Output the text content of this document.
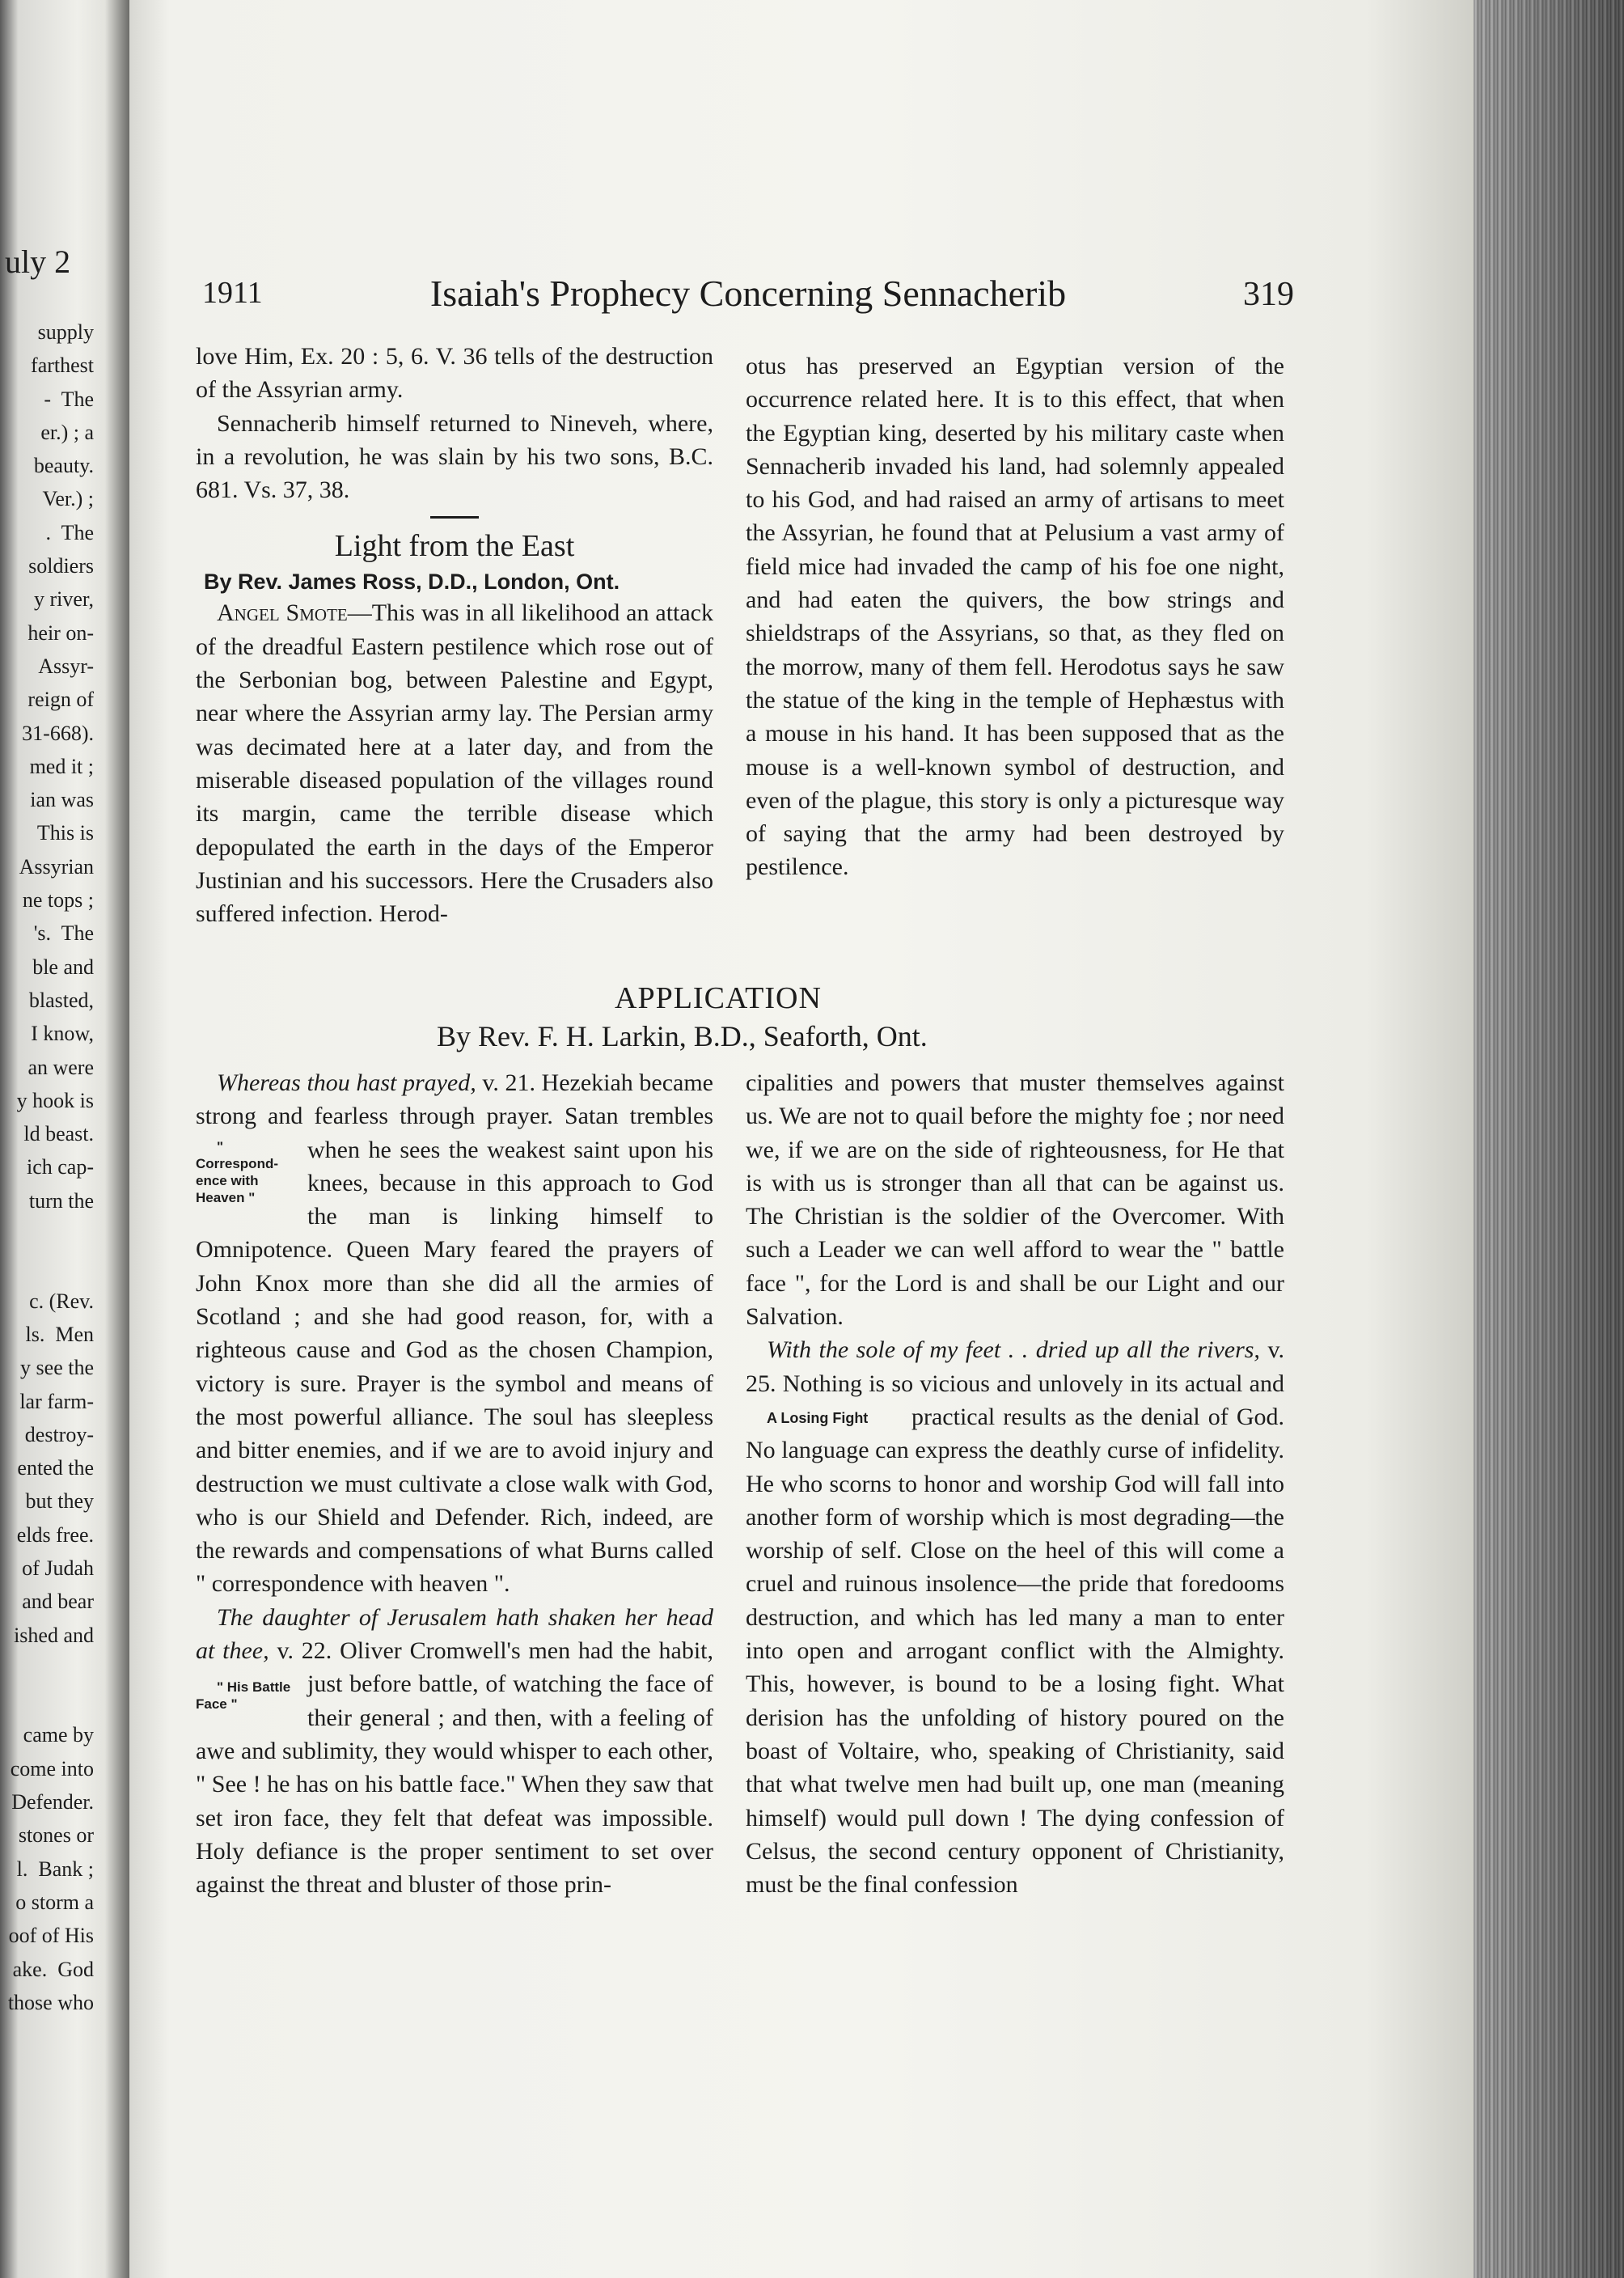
uly 2
supply
farthest
-  The
er.) ; a
beauty.
Ver.) ;
.  The
soldiers
y river,
heir on-
Assyr-
reign of
31-668).
med it ;
ian was
This is
Assyrian
ne tops ;
's.  The
ble and
blasted,
I know,
an were
y hook is
ld beast.
ich cap-
turn the

c. (Rev.
ls.  Men
y see the
lar farm-
destroy-
ented the
but they
elds free.
of Judah
and bear
ished and

came by
come into
Defender.
stones or
l.  Bank ;
o storm a
oof of His
ake.  God
those who
1911	Isaiah's Prophecy Concerning Sennacherib	319

love Him, Ex. 20 : 5, 6. V. 36 tells of the destruction of the Assyrian army.

Sennacherib himself returned to Nineveh, where, in a revolution, he was slain by his two sons, B.C. 681. Vs. 37, 38.

Light from the East
By Rev. James Ross, D.D., London, Ont.

Angel Smote—This was in all likelihood an attack of the dreadful Eastern pestilence which rose out of the Serbonian bog, between Palestine and Egypt, near where the Assyrian army lay. The Persian army was decimated here at a later day, and from the miserable diseased population of the villages round its margin, came the terrible disease which depopulated the earth in the days of the Emperor Justinian and his successors. Here the Crusaders also suffered infection. Herod-

otus has preserved an Egyptian version of the occurrence related here. It is to this effect, that when the Egyptian king, deserted by his military caste when Sennacherib invaded his land, had solemnly appealed to his God, and had raised an army of artisans to meet the Assyrian, he found that at Pelusium a vast army of field mice had invaded the camp of his foe one night, and had eaten the quivers, the bow strings and shieldstraps of the Assyrians, so that, as they fled on the morrow, many of them fell. Herodotus says he saw the statue of the king in the temple of Hephæstus with a mouse in his hand. It has been supposed that as the mouse is a well-known symbol of destruction, and even of the plague, this story is only a picturesque way of saying that the army had been destroyed by pestilence.

APPLICATION
By Rev. F. H. Larkin, B.D., Seaforth, Ont.

Whereas thou hast prayed, v. 21. Hezekiah became strong and fearless through prayer. Satan trembles when he sees the weakest
" Correspond-ence with Heaven "
saint upon his knees, because in this approach to God the man is linking himself to Omnipotence. Queen Mary feared the prayers of John Knox more than she did all the armies of Scotland ; and she had good reason, for, with a righteous cause and God as the chosen Champion, victory is sure. Prayer is the symbol and means of the most powerful alliance. The soul has sleepless and bitter enemies, and if we are to avoid injury and destruction we must cultivate a close walk with God, who is our Shield and Defender. Rich, indeed, are the rewards and compensations of what Burns called " correspondence with heaven ".

The daughter of Jerusalem hath shaken her head at thee, v. 22. Oliver Cromwell's men had the habit, just before battle, of watching
" His Battle Face "
the face of their general ; and then, with a feeling of awe and sublimity, they would whisper to each other, " See ! he has on his battle face." When they saw that set iron face, they felt that defeat was impossible. Holy defiance is the proper sentiment to set over against the threat and bluster of those prin-

cipalities and powers that muster themselves against us. We are not to quail before the mighty foe ; nor need we, if we are on the side of righteousness, for He that is with us is stronger than all that can be against us. The Christian is the soldier of the Overcomer. With such a Leader we can well afford to wear the " battle face ", for the Lord is and shall be our Light and our Salvation.

With the sole of my feet . . dried up all the rivers, v. 25. Nothing is so vicious and unlovely in its actual and practical results
A Losing Fight	as the denial of God. No language can express the deathly curse of infidelity. He who scorns to honor and worship God will fall into another form of worship which is most degrading—the worship of self. Close on the heel of this will come a cruel and ruinous insolence—the pride that foredooms destruction, and which has led many a man to enter into open and arrogant conflict with the Almighty. This, however, is bound to be a losing fight. What derision has the unfolding of history poured on the boast of Voltaire, who, speaking of Christianity, said that what twelve men had built up, one man (meaning himself) would pull down ! The dying confession of Celsus, the second century opponent of Christianity, must be the final confession
